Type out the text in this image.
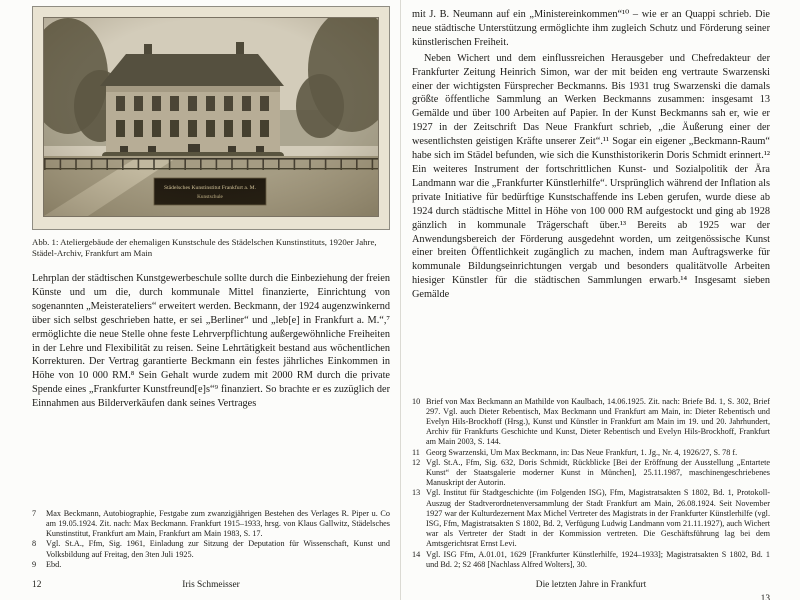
Abb. 1: Ateliergebäude der ehemaligen Kunstschule des Städelschen Kunstinstituts, 1920er Jahre, Städel-Archiv, Frankfurt am Main

Lehrplan der städtischen Kunstgewerbeschule sollte durch die Einbeziehung der freien Künste und um die, durch kommunale Mittel finanzierte, Einrichtung von sogenannten „Meisterateliers“ erweitert werden. Beckmann, der 1924 augenzwinkernd über sich selbst geschrieben hatte, er sei „Berliner“ und „leb[e] in Frankfurt a. M.“,⁷ ermöglichte die neue Stelle ohne feste Lehrverpflichtung außergewöhnliche Freiheiten in der Lehre und Flexibilität zu reisen. Seine Lehrtätigkeit bestand aus wöchentlichen Korrekturen. Der Vertrag garantierte Beckmann ein festes jährliches Einkommen in Höhe von 10 000 RM.⁸ Sein Gehalt wurde zudem mit 2000 RM durch die private Spende eines „Frankfurter Kunstfreund[e]s“⁹ finanziert. So brachte er es zuzüglich der Einnahmen aus Bilderverkäufen dank seines Vertrages

7	Max Beckmann, Autobiographie, Festgabe zum zwanzigjährigen Bestehen des Verlages R. Piper u. Co am 19.05.1924. Zit. nach: Max Beckmann. Frankfurt 1915–1933, hrsg. von Klaus Gallwitz, Städelsches Kunstinstitut, Frankfurt am Main, Frankfurt am Main 1983, S. 17.
8	Vgl. St.A., Ffm, Sig. 1961, Einladung zur Sitzung der Deputation für Wissenschaft, Kunst und Volksbildung auf Freitag, den 3ten Juli 1925.
9	Ebd.
12	Iris Schmeisser

mit J. B. Neumann auf ein „Ministereinkommen“¹⁰ – wie er an Quappi schrieb. Die neue städtische Unterstützung ermöglichte ihm zugleich Schutz und Förderung seiner künstlerischen Freiheit.

Neben Wichert und dem einflussreichen Herausgeber und Chefredakteur der Frankfurter Zeitung Heinrich Simon, war der mit beiden eng vertraute Swarzenski einer der wichtigsten Fürsprecher Beckmanns. Bis 1931 trug Swarzenski die damals größte öffentliche Sammlung an Werken Beckmanns zusammen: insgesamt 13 Gemälde und über 100 Arbeiten auf Papier. In der Kunst Beckmanns sah er, wie er 1927 in der Zeitschrift Das Neue Frankfurt schrieb, „die Äußerung einer der wesentlichsten geistigen Kräfte unserer Zeit“.¹¹ Sogar ein eigener „Beckmann-Raum“ habe sich im Städel befunden, wie sich die Kunsthistorikerin Doris Schmidt erinnert.¹² Ein weiteres Instrument der fortschrittlichen Kunst- und Sozialpolitik der Ära Landmann war die „Frankfurter Künstlerhilfe“. Ursprünglich während der Inflation als private Initiative für bedürftige Kunstschaffende ins Leben gerufen, wurde diese ab 1924 durch städtische Mittel in Höhe von 100 000 RM aufgestockt und ging ab 1928 gänzlich in kommunale Trägerschaft über.¹³ Bereits ab 1925 war der Anwendungsbereich der Förderung ausgedehnt worden, um zeitgenössische Kunst einer breiten Öffentlichkeit zugänglich zu machen, indem man Auftragswerke für kommunale Bildungseinrichtungen vergab und besonders qualitätvolle Arbeiten hiesiger Künstler für die städtischen Sammlungen erwarb.¹⁴ Insgesamt sieben Gemälde

10 Brief von Max Beckmann an Mathilde von Kaulbach, 14.06.1925. Zit. nach: Briefe Bd. 1, S. 302, Brief 297. Vgl. auch Dieter Rebentisch, Max Beckmann und Frankfurt am Main, in: Dieter Rebentisch und Evelyn Hils-Brockhoff (Hrsg.), Kunst und Künstler in Frankfurt am Main im 19. und 20. Jahrhundert, Archiv für Frankfurts Geschichte und Kunst, Dieter Rebentisch und Evelyn Hils-Brockhoff, Frankfurt am Main 2003, S. 144.
11 Georg Swarzenski, Um Max Beckmann, in: Das Neue Frankfurt, 1. Jg., Nr. 4, 1926/27, S. 78 f.
12 Vgl. St.A., Ffm, Sig. 632, Doris Schmidt, Rückblicke [Bei der Eröffnung der Ausstellung „Entartete Kunst“ der Staatsgalerie moderner Kunst in München], 25.11.1987, maschinengeschriebenes Manuskript der Autorin.
13 Vgl. Institut für Stadtgeschichte (im Folgenden ISG), Ffm, Magistratsakten S 1802, Bd. 1, Protokoll-Auszug der Stadtverordnetenversammlung der Stadt Frankfurt am Main, 26.08.1924. Seit November 1927 war der Kulturdezernent Max Michel Vertreter des Magistrats in der Frankfurter Künstlerhilfe (vgl. ISG, Ffm, Magistratsakten S 1802, Bd. 2, Verfügung Ludwig Landmann vom 21.11.1927), auch Wichert war als Vertreter der Stadt in der Kommission vertreten. Die Geschäftsführung lag bei dem Amtsgerichtsrat Ernst Levi.
14 Vgl. ISG Ffm, A.01.01, 1629 [Frankfurter Künstlerhilfe, 1924–1933]; Magistratsakten S 1802, Bd. 1 und Bd. 2; S2 468 [Nachlass Alfred Wolters], 30.
Die letzten Jahre in Frankfurt
13
